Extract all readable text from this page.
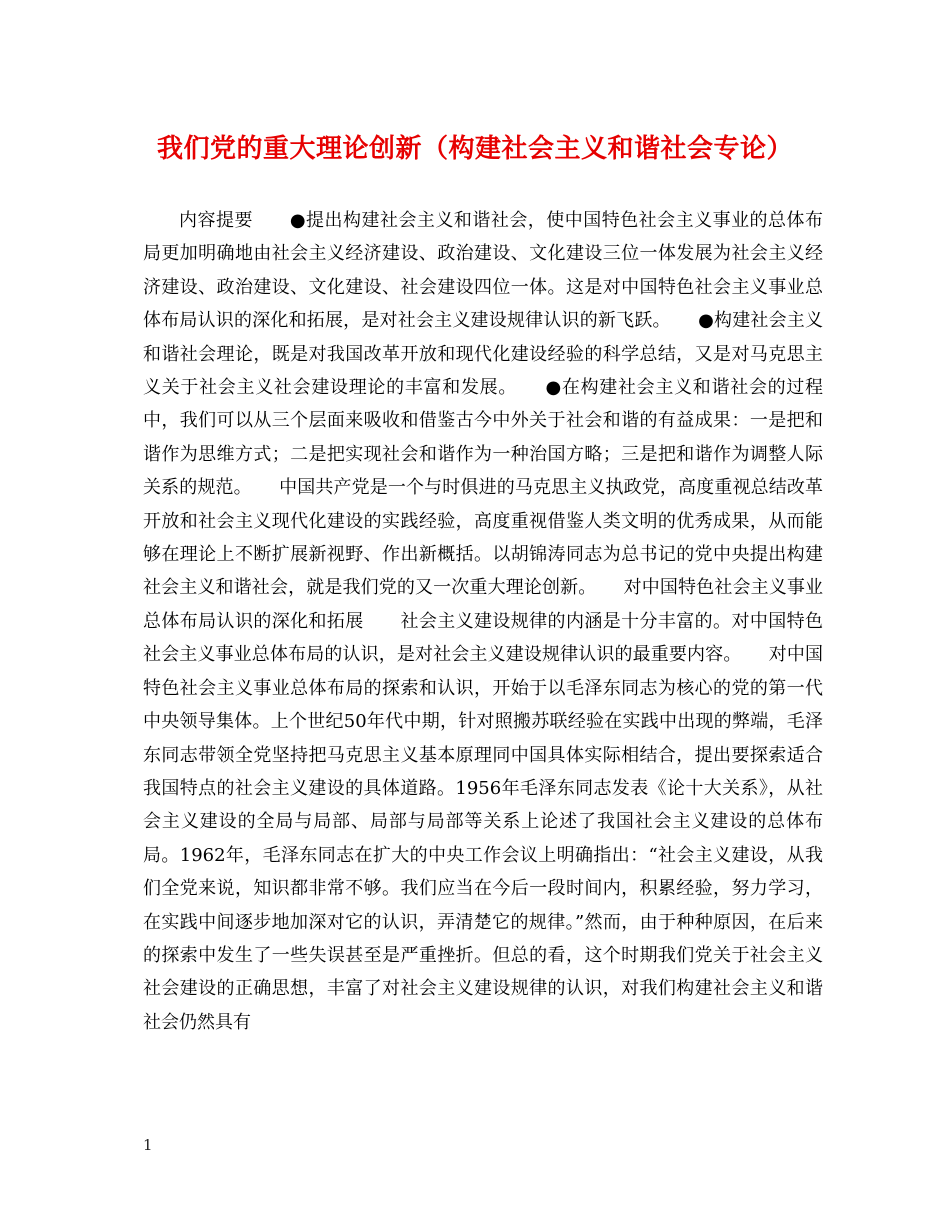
我们党的重大理论创新（构建社会主义和谐社会专论）

内容提要　　●提出构建社会主义和谐社会，使中国特色社会主义事业的总体布局更加明确地由社会主义经济建设、政治建设、文化建设三位一体发展为社会主义经济建设、政治建设、文化建设、社会建设四位一体。这是对中国特色社会主义事业总体布局认识的深化和拓展，是对社会主义建设规律认识的新飞跃。　　●构建社会主义和谐社会理论，既是对我国改革开放和现代化建设经验的科学总结，又是对马克思主义关于社会主义社会建设理论的丰富和发展。　　●在构建社会主义和谐社会的过程中，我们可以从三个层面来吸收和借鉴古今中外关于社会和谐的有益成果：一是把和谐作为思维方式；二是把实现社会和谐作为一种治国方略；三是把和谐作为调整人际关系的规范。　　中国共产党是一个与时俱进的马克思主义执政党，高度重视总结改革开放和社会主义现代化建设的实践经验，高度重视借鉴人类文明的优秀成果，从而能够在理论上不断扩展新视野、作出新概括。以胡锦涛同志为总书记的党中央提出构建社会主义和谐社会，就是我们党的又一次重大理论创新。　　对中国特色社会主义事业总体布局认识的深化和拓展　　社会主义建设规律的内涵是十分丰富的。对中国特色社会主义事业总体布局的认识，是对社会主义建设规律认识的最重要内容。　　对中国特色社会主义事业总体布局的探索和认识，开始于以毛泽东同志为核心的党的第一代中央领导集体。上个世纪50年代中期，针对照搬苏联经验在实践中出现的弊端，毛泽东同志带领全党坚持把马克思主义基本原理同中国具体实际相结合，提出要探索适合我国特点的社会主义建设的具体道路。1956年毛泽东同志发表《论十大关系》，从社会主义建设的全局与局部、局部与局部等关系上论述了我国社会主义建设的总体布局。1962年，毛泽东同志在扩大的中央工作会议上明确指出：“社会主义建设，从我们全党来说，知识都非常不够。我们应当在今后一段时间内，积累经验，努力学习，在实践中间逐步地加深对它的认识，弄清楚它的规律。”然而，由于种种原因，在后来的探索中发生了一些失误甚至是严重挫折。但总的看，这个时期我们党关于社会主义社会建设的正确思想，丰富了对社会主义建设规律的认识，对我们构建社会主义和谐社会仍然具有

1
